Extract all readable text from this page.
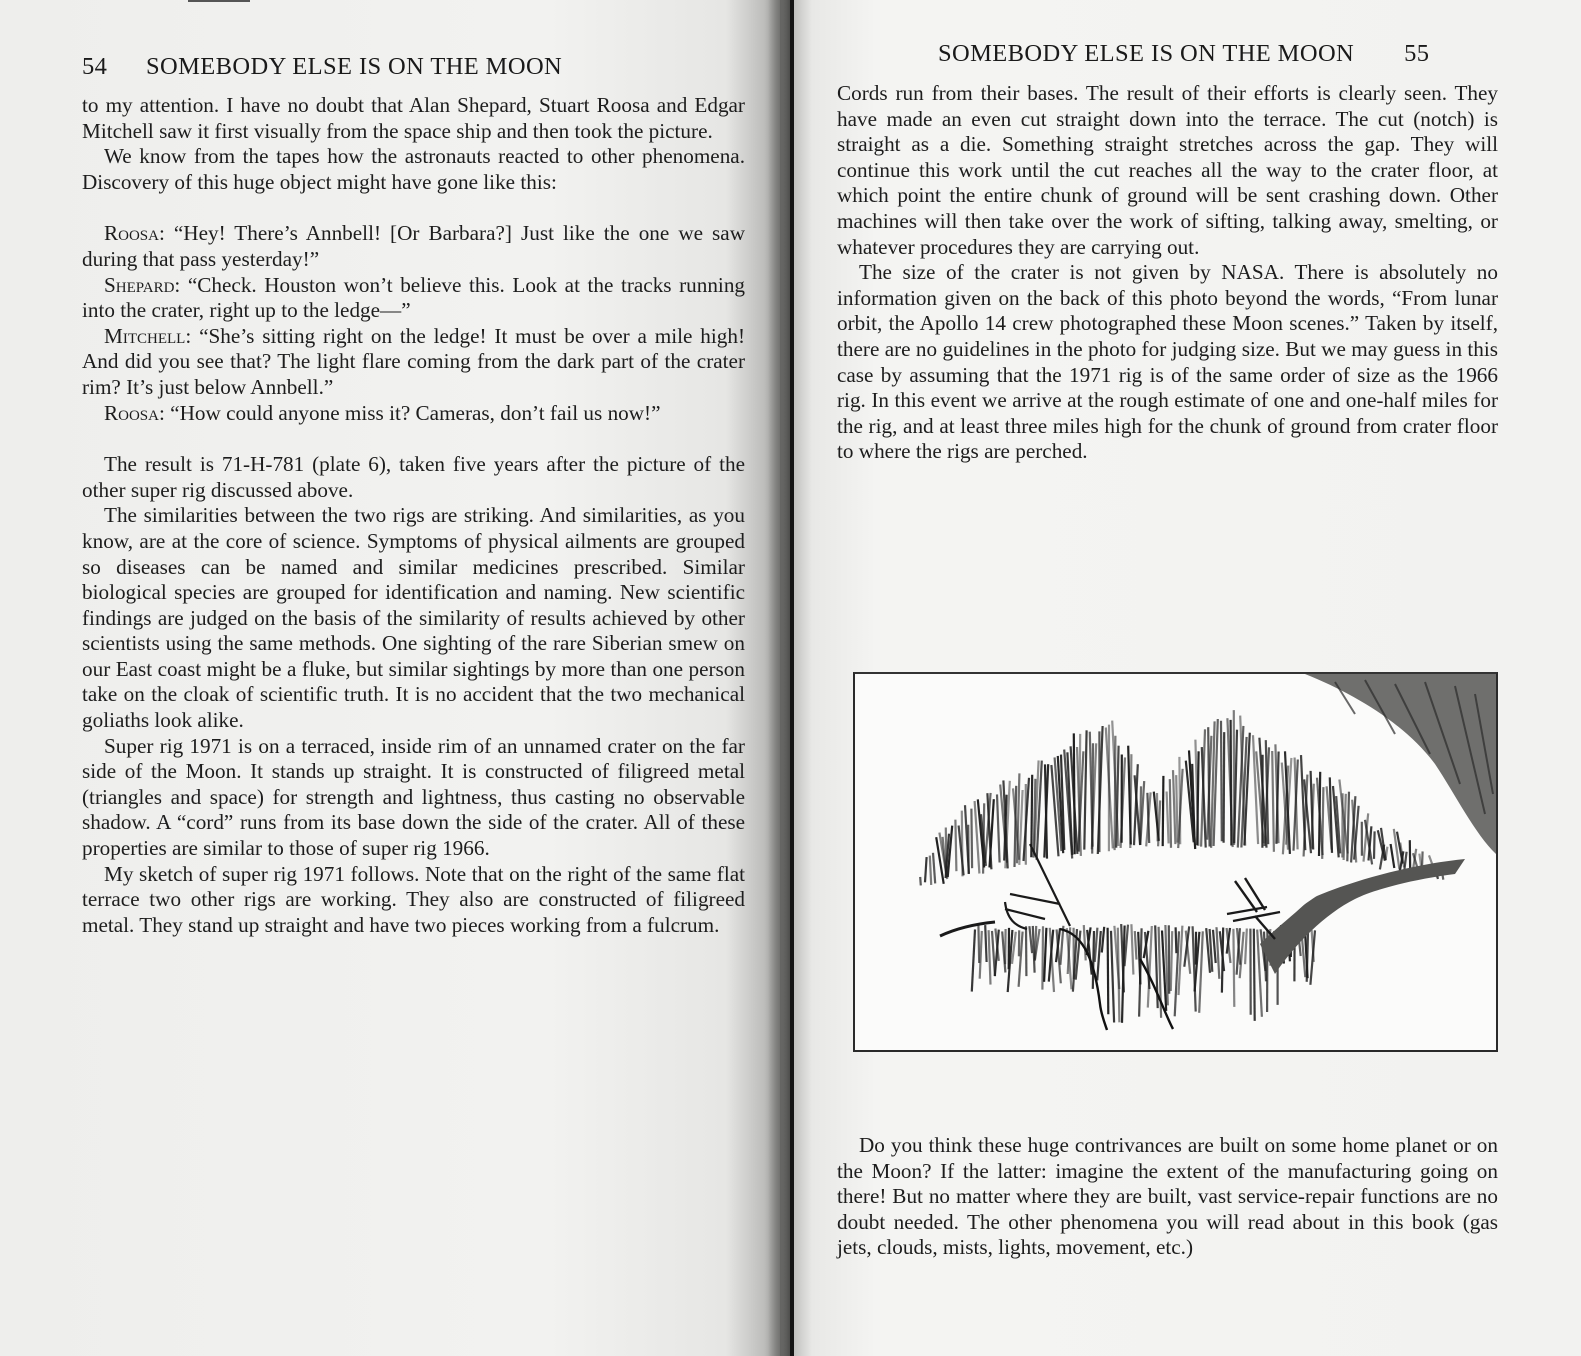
54 SOMEBODY ELSE IS ON THE MOON

to my attention. I have no doubt that Alan Shepard, Stuart Roosa and Edgar Mitchell saw it first visually from the space ship and then took the picture.

We know from the tapes how the astronauts reacted to other phenomena. Discovery of this huge object might have gone like this:

Roosa: “Hey! There’s Annbell! [Or Barbara?] Just like the one we saw during that pass yesterday!”

Shepard: “Check. Houston won’t believe this. Look at the tracks running into the crater, right up to the ledge—”

Mitchell: “She’s sitting right on the ledge! It must be over a mile high! And did you see that? The light flare coming from the dark part of the crater rim? It’s just below Annbell.”

Roosa: “How could anyone miss it? Cameras, don’t fail us now!”

The result is 71-H-781 (plate 6), taken five years after the picture of the other super rig discussed above.

The similarities between the two rigs are striking. And similarities, as you know, are at the core of science. Symptoms of physical ailments are grouped so diseases can be named and similar medicines prescribed. Similar biological species are grouped for identification and naming. New scientific findings are judged on the basis of the similarity of results achieved by other scientists using the same methods. One sighting of the rare Siberian smew on our East coast might be a fluke, but similar sightings by more than one person take on the cloak of scientific truth. It is no accident that the two mechanical goliaths look alike.

Super rig 1971 is on a terraced, inside rim of an unnamed crater on the far side of the Moon. It stands up straight. It is constructed of filigreed metal (triangles and space) for strength and lightness, thus casting no observable shadow. A “cord” runs from its base down the side of the crater. All of these properties are similar to those of super rig 1966.

My sketch of super rig 1971 follows. Note that on the right of the same flat terrace two other rigs are working. They also are constructed of filigreed metal. They stand up straight and have two pieces working from a fulcrum.

SOMEBODY ELSE IS ON THE MOON 55

Cords run from their bases. The result of their efforts is clearly seen. They have made an even cut straight down into the terrace. The cut (notch) is straight as a die. Something straight stretches across the gap. They will continue this work until the cut reaches all the way to the crater floor, at which point the entire chunk of ground will be sent crashing down. Other machines will then take over the work of sifting, talking away, smelting, or whatever procedures they are carrying out.

The size of the crater is not given by NASA. There is absolutely no information given on the back of this photo beyond the words, “From lunar orbit, the Apollo 14 crew photographed these Moon scenes.” Taken by itself, there are no guidelines in the photo for judging size. But we may guess in this case by assuming that the 1971 rig is of the same order of size as the 1966 rig. In this event we arrive at the rough estimate of one and one-half miles for the rig, and at least three miles high for the chunk of ground from crater floor to where the rigs are perched.

Do you think these huge contrivances are built on some home planet or on the Moon? If the latter: imagine the extent of the manufacturing going on there! But no matter where they are built, vast service-repair functions are no doubt needed. The other phenomena you will read about in this book (gas jets, clouds, mists, lights, movement, etc.)
